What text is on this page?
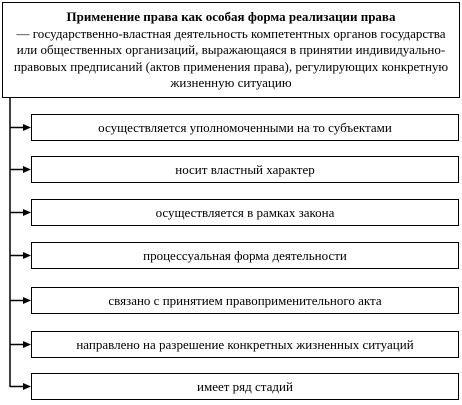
Применение права как особая форма реализации права
— государственно-властная деятельность компетентных органов государства или общественных организаций, выражающаяся в принятии индивидуально-правовых предписаний (актов применения права), регулирующих конкретную жизненную ситуацию
осуществляется уполномоченными на то субъектами
носит властный характер
осуществляется в рамках закона
процессуальная форма деятельности
связано с принятием правоприменительного акта
направлено на разрешение конкретных жизненных ситуаций
имеет ряд стадий
